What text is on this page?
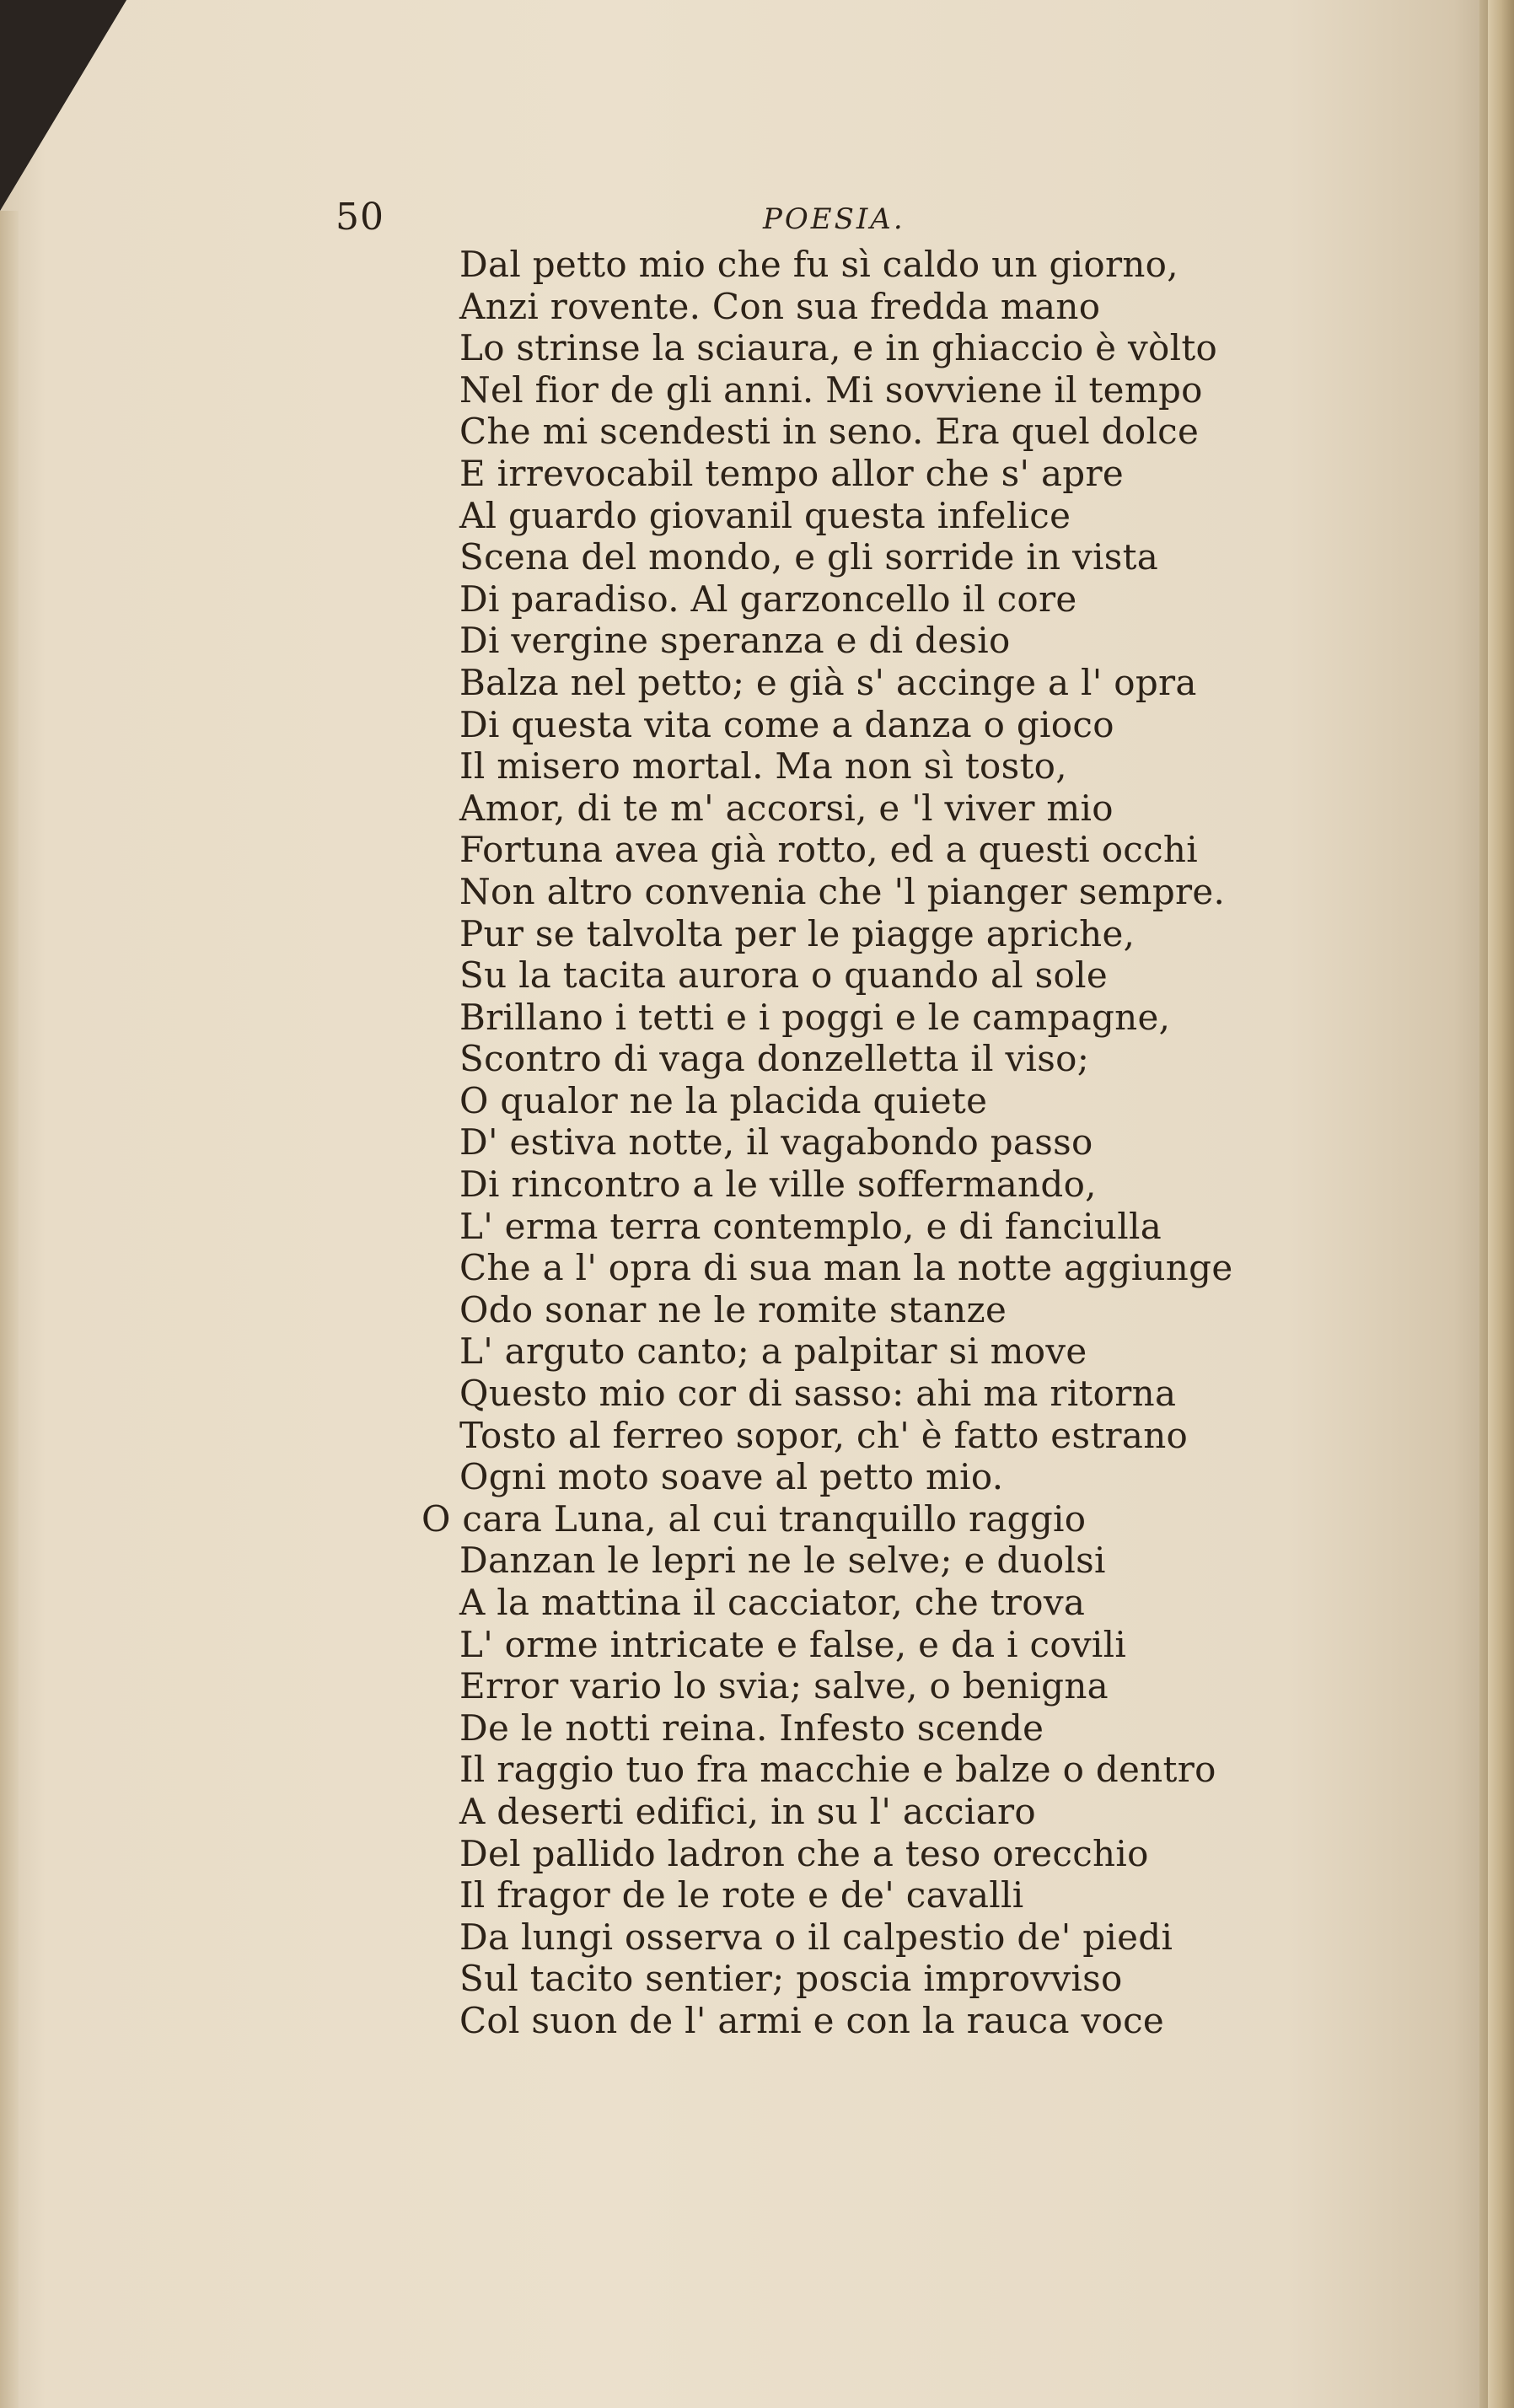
50	POESIA.
Dal petto mio che fu sì caldo un giorno,
Anzi rovente. Con sua fredda mano
Lo strinse la sciaura, e in ghiaccio è vòlto
Nel fior de gli anni. Mi sovviene il tempo
Che mi scendesti in seno. Era quel dolce
E irrevocabil tempo allor che s' apre
Al guardo giovanil questa infelice
Scena del mondo, e gli sorride in vista
Di paradiso. Al garzoncello il core
Di vergine speranza e di desio
Balza nel petto; e già s' accinge a l' opra
Di questa vita come a danza o gioco
Il misero mortal. Ma non sì tosto,
Amor, di te m' accorsi, e 'l viver mio
Fortuna avea già rotto, ed a questi occhi
Non altro convenia che 'l pianger sempre.
Pur se talvolta per le piagge apriche,
Su la tacita aurora o quando al sole
Brillano i tetti e i poggi e le campagne,
Scontro di vaga donzelletta il viso;
O qualor ne la placida quiete
D' estiva notte, il vagabondo passo
Di rincontro a le ville soffermando,
L' erma terra contemplo, e di fanciulla
Che a l' opra di sua man la notte aggiunge
Odo sonar ne le romite stanze
L' arguto canto; a palpitar si move
Questo mio cor di sasso: ahi ma ritorna
Tosto al ferreo sopor, ch' è fatto estrano
Ogni moto soave al petto mio.
O cara Luna, al cui tranquillo raggio
Danzan le lepri ne le selve; e duolsi
A la mattina il cacciator, che trova
L' orme intricate e false, e da i covili
Error vario lo svia; salve, o benigna
De le notti reina. Infesto scende
Il raggio tuo fra macchie e balze o dentro
A deserti edifici, in su l' acciaro
Del pallido ladron che a teso orecchio
Il fragor de le rote e de' cavalli
Da lungi osserva o il calpestio de' piedi
Sul tacito sentier; poscia improvviso
Col suon de l' armi e con la rauca voce
